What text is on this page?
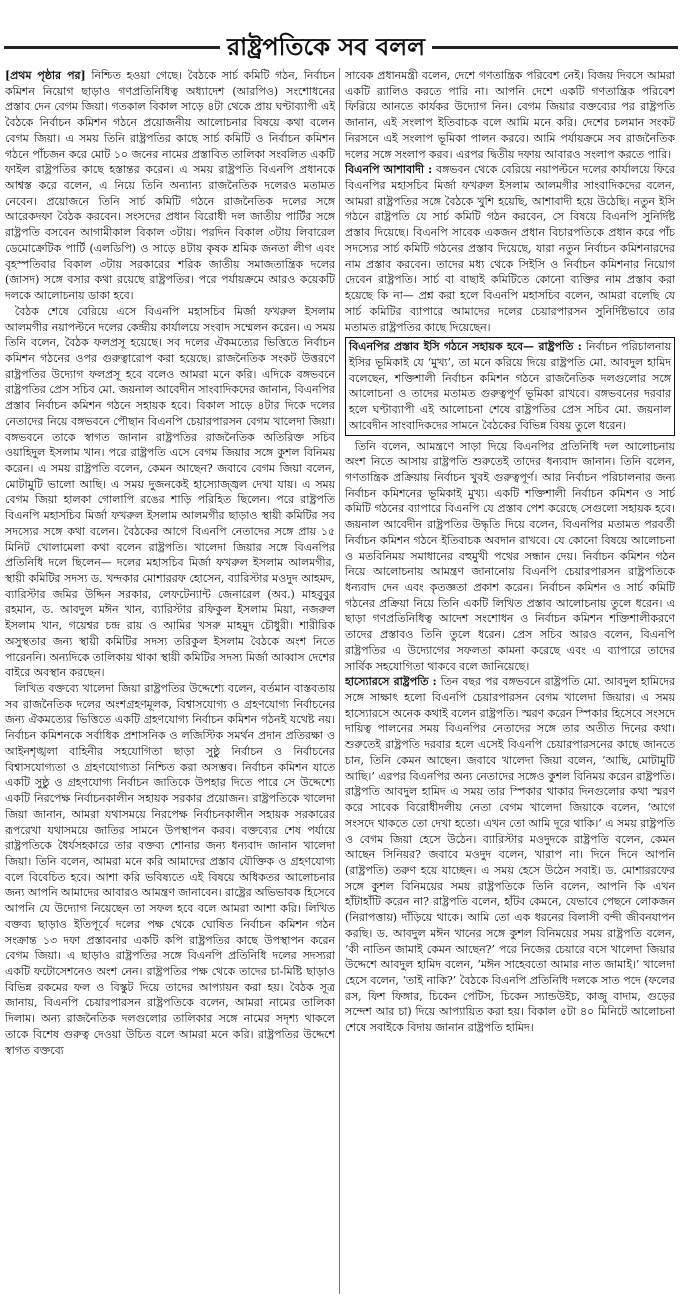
রাষ্ট্রপতিকে সব বলল

[প্রথম পৃষ্ঠার পর] নিশ্চিত হওয়া গেছে। বৈঠকে সার্চ কমিটি গঠন, নির্বাচন কমিশন নিয়োগ ছাড়াও গণপ্রতিনিধিত্ব অধ্যাদেশ (আরপিও) সংশোধনের প্রস্তাব দেন বেগম জিয়া। গতকাল বিকাল সাড়ে ৪টা থেকে প্রায় ঘণ্টাব্যাপী এই বৈঠকে নির্বাচন কমিশন গঠনে প্রয়োজনীয় আলোচনার বিষয়ে কথা বলেন বেগম জিয়া। এ সময় তিনি রাষ্ট্রপতির কাছে সার্চ কমিটি ও নির্বাচন কমিশন গঠনে পাঁচজন করে মোট ১০ জনের নামের প্রস্তাবিত তালিকা সংবলিত একটি ফাইল রাষ্ট্রপতির কাছে হস্তান্তর করেন। এ সময় রাষ্ট্রপতি বিএনপি প্রধানকে আশ্বস্ত করে বলেন, এ নিয়ে তিনি অন্যান্য রাজনৈতিক দলেরও মতামত নেবেন। প্রয়োজনে তিনি সার্চ কমিটি গঠনে রাজনৈতিক দলের সঙ্গে আরেকদফা বৈঠক করবেন। সংসদের প্রধান বিরোধী দল জাতীয় পার্টির সঙ্গে রাষ্ট্রপতি বসবেন আগামীকাল বিকাল ৩টায়। পরদিন বিকাল ৩টায় লিবারেল ডেমোক্রেটিক পার্টি (এলডিপি) ও সাড়ে ৪টায় কৃষক শ্রমিক জনতা লীগ এবং বৃহস্পতিবার বিকাল ৩টায় সরকারের শরিক জাতীয় সমাজতান্ত্রিক দলের (জাসদ) সঙ্গে বসার কথা রয়েছে রাষ্ট্রপতির। পরে পর্যায়ক্রমে আরও কয়েকটি দলকে আলোচনায় ডাকা হবে।

বৈঠক শেষে বেরিয়ে এসে বিএনপি মহাসচিব মির্জা ফখরুল ইসলাম আলমগীর নয়াপল্টনে দলের কেন্দ্রীয় কার্যালয়ে সংবাদ সম্মেলন করেন। এ সময় তিনি বলেন, বৈঠক ফলপ্রসূ হয়েছে। সব দলের ঐকমত্যের ভিত্তিতে নির্বাচন কমিশন গঠনের ওপর গুরুত্বারোপ করা হয়েছে। রাজনৈতিক সংকট উত্তরণে রাষ্ট্রপতির উদ্যোগ ফলপ্রসূ হবে বলেও আমরা মনে করি। এদিকে বঙ্গভবনে রাষ্ট্রপতির প্রেস সচিব মো. জয়নাল আবেদীন সাংবাদিকদের জানান, বিএনপির প্রস্তাব নির্বাচন কমিশন গঠনে সহায়ক হবে। বিকাল সাড়ে ৪টার দিকে দলের নেতাদের নিয়ে বঙ্গভবনে পৌছান বিএনপি চেয়ারপারসন বেগম খালেদা জিয়া। বঙ্গভবনে তাকে স্বাগত জানান রাষ্ট্রপতির রাজনৈতিক অতিরিক্ত সচিব ওয়াহিদুল ইসলাম খান। পরে রাষ্ট্রপতি এসে বেগম জিয়ার সঙ্গে কুশল বিনিময় করেন। এ সময় রাষ্ট্রপতি বলেন, কেমন আছেন? জবাবে বেগম জিয়া বলেন, মোটামুটি ভালো আছি। এ সময় দুজনকেই হাস্যোজ্জ্বল দেখা যায়। এ সময় বেগম জিয়া হালকা গোলাপি রঙের শাড়ি পরিহিত ছিলেন। পরে রাষ্ট্রপতি বিএনপি মহাসচিব মির্জা ফখরুল ইসলাম আলমগীর ছাড়াও স্থায়ী কমিটির সব সদস্যের সঙ্গে কথা বলেন। বৈঠকের আগে বিএনপি নেতাদের সঙ্গে প্রায় ১৫ মিনিট খোলামেলা কথা বলেন রাষ্ট্রপতি। খালেদা জিয়ার সঙ্গে বিএনপির প্রতিনিধি দলে ছিলেন— দলের মহাসচিব মির্জা ফখরুল ইসলাম আলমগীর, স্থায়ী কমিটির সদস্য ড. খন্দকার মোশাররফ হোসেন, ব্যারিস্টার মওদুদ আহমদ, ব্যারিস্টার জমির উদ্দিন সরকার, লেফটেন্যান্ট জেনারেল (অব.) মাহবুবুর রহমান, ড. আবদুল মঈন খান, ব্যারিস্টার রফিকুল ইসলাম মিয়া, নজরুল ইসলাম খান, গয়েশ্বর চন্দ্র রায় ও আমির খসরু মাহমুদ চৌধুরী। শারীরিক অসুস্থতার জন্য স্থায়ী কমিটির সদস্য তরিকুল ইসলাম বৈঠকে অংশ নিতে পারেননি। অন্যদিকে তালিকায় থাকা স্থায়ী কমিটির সদস্য মির্জা আব্বাস দেশের বাইরে অবস্থান করছেন।

লিখিত বক্তব্যে খালেদা জিয়া রাষ্ট্রপতির উদ্দেশ্যে বলেন, বর্তমান বাস্তবতায় সব রাজনৈতিক দলের অংশগ্রহণমূলক, বিশ্বাসযোগ্য ও গ্রহণযোগ্য নির্বাচনের জন্য ঐকমত্যের ভিত্তিতে একটি গ্রহণযোগ্য নির্বাচন কমিশন গঠনই যথেষ্ট নয়। নির্বাচন কমিশনকে সর্বাধিক প্রশাসনিক ও লজিস্টিক সমর্থন প্রদান প্রতিরক্ষা ও আইনশৃঙ্খলা বাহিনীর সহযোগিতা ছাড়া সুষ্ঠু নির্বাচন ও নির্বাচনের বিশ্বাসযোগ্যতা ও গ্রহণযোগ্যতা নিশ্চিত করা অসম্ভব। নির্বাচন কমিশন যাতে একটি সুষ্ঠু ও গ্রহণযোগ্য নির্বাচন জাতিকে উপহার দিতে পারে সে উদ্দেশ্যে একটি নিরপেক্ষ নির্বাচনকালীন সহায়ক সরকার প্রয়োজন। রাষ্ট্রপতিকে খালেদা জিয়া জানান, আমরা যথাসময়ে নিরপেক্ষ নির্বাচনকালীন সহায়ক সরকারের রূপরেখা যথাসময়ে জাতির সামনে উপস্থাপন করব। বক্তব্যের শেষ পর্যায়ে রাষ্ট্রপতিকে ধৈর্যসহকারে তার বক্তব্য শোনার জন্য ধন্যবাদ জানান খালেদা জিয়া। তিনি বলেন, আমরা মনে করি আমাদের প্রস্তাব যৌক্তিক ও গ্রহণযোগ্য বলে বিবেচিত হবে। আশা করি ভবিষ্যতে এই বিষয়ে অধিকতর আলোচনার জন্য আপনি আমাদের আবারও আমন্ত্রণ জানাবেন। রাষ্ট্রের অভিভাবক হিসেবে আপনি যে উদ্যোগ নিয়েছেন তা সফল হবে বলে আমরা আশা করি। লিখিত বক্তব্য ছাড়াও ইতিপূর্বে দলের পক্ষ থেকে ঘোষিত নির্বাচন কমিশন গঠন সংক্রান্ত ১৩ দফা প্রস্তাবনার একটি কপি রাষ্ট্রপতির কাছে উপস্থাপন করেন বেগম জিয়া। এ ছাড়াও রাষ্ট্রপতির সঙ্গে বিএনপি প্রতিনিধি দলের সদস্যরা একটি ফটোসেশনেও অংশ নেন। রাষ্ট্রপতির পক্ষ থেকে তাদের চা-মিষ্টি ছাড়াও বিভিন্ন রকমের ফল ও বিস্কুট দিয়ে তাদের আপ্যায়ন করা হয়। বৈঠক সূত্র জানায়, বিএনপি চেয়ারপারসন রাষ্ট্রপতিকে বলেন, আমরা নামের তালিকা দিলাম। অন্য রাজনৈতিক দলগুলোর তালিকার সঙ্গে নামের সদৃশ্য থাকলে তাকে বিশেষ গুরুত্ব দেওয়া উচিত বলে আমরা মনে করি। রাষ্ট্রপতির উদ্দেশে স্বাগত বক্তব্যে

সাবেক প্রধানমন্ত্রী বলেন, দেশে গণতান্ত্রিক পরিবেশ নেই। বিজয় দিবসে আমরা একটি র‌্যালিও করতে পারি না। আপনি দেশে একটি গণতান্ত্রিক পরিবেশ ফিরিয়ে আনতে কার্যকর উদ্যোগ নিন। বেগম জিয়ার বক্তব্যের পর রাষ্ট্রপতি জানান, এই সংলাপ ইতিবাচক বলে আমি মনে করি। দেশের চলমান সংকট নিরসনে এই সংলাপ ভূমিকা পালন করবে। আমি পর্যায়ক্রমে সব রাজনৈতিক দলের সঙ্গে সংলাপ করব। এরপর দ্বিতীয় দফায় আবারও সংলাপ করতে পারি।

বিএনপি আশাবাদী : বঙ্গভবন থেকে বেরিয়ে নয়াপল্টনে দলের কার্যালয়ে ফিরে বিএনপির মহাসচিব মির্জা ফখরুল ইসলাম আলমগীর সাংবাদিকদের বলেন, আমরা রাষ্ট্রপতির সঙ্গে বৈঠকে খুশি হয়েছি, আশাবাদী হয়ে উঠেছি। নতুন ইসি গঠনে রাষ্ট্রপতি যে সার্চ কমিটি গঠন করবেন, সে বিষয়ে বিএনপি সুনির্দিষ্ট প্রস্তাব দিয়েছে। বিএনপি সাবেক একজন প্রধান বিচারপতিকে প্রধান করে পাঁচ সদস্যের সার্চ কমিটি গঠনের প্রস্তাব দিয়েছে, যারা নতুন নির্বাচন কমিশনারদের নাম প্রস্তাব করবেন। তাদের মধ্য থেকে সিইসি ও নির্বাচন কমিশনার নিয়োগ দেবেন রাষ্ট্রপতি। সার্চ বা বাছাই কমিটিতে কোনো ব্যক্তির নাম প্রস্তাব করা হয়েছে কি না— প্রশ্ন করা হলে বিএনপি মহাসচিব বলেন, আমরা বলেছি যে সার্চ কমিটির ব্যাপারে আমাদের দলের চেয়ারপারসন সুনির্দিষ্টভাবে তার মতামত রাষ্ট্রপতির কাছে দিয়েছেন।

বিএনপির প্রস্তাব ইসি গঠনে সহায়ক হবে— রাষ্ট্রপতি : নির্বাচন পরিচালনায় ইসির ভূমিকাই যে ‘মুখ্য’, তা মনে করিয়ে দিয়ে রাষ্ট্রপতি মো. আবদুল হামিদ বলেছেন, শক্তিশালী নির্বাচন কমিশন গঠনে রাজনৈতিক দলগুলোর সঙ্গে আলোচনা ও তাদের মতামত গুরুত্বপূর্ণ ভূমিকা রাখবে। বঙ্গভবনের দরবার হলে ঘণ্টাব্যাপী এই আলোচনা শেষে রাষ্ট্রপতির প্রেস সচিব মো. জয়নাল আবেদীন সাংবাদিকদের সামনে বৈঠকের বিভিন্ন বিষয় তুলে ধরেন।

তিনি বলেন, আমন্ত্রণে সাড়া দিয়ে বিএনপির প্রতিনিধি দল আলোচনায় অংশ নিতে আসায় রাষ্ট্রপতি শুরুতেই তাদের ধন্যবাদ জানান। তিনি বলেন, গণতান্ত্রিক প্রক্রিয়ায় নির্বাচন খুবই গুরুত্বপূর্ণ। আর নির্বাচন পরিচালনার জন্য নির্বাচন কমিশনের ভূমিকাই মুখ্য। একটি শক্তিশালী নির্বাচন কমিশন ও সার্চ কমিটি গঠনের ব্যাপারে বিএনপি যে প্রস্তাব পেশ করেছে সেগুলো সহায়ক হবে। জয়নাল আবেদীন রাষ্ট্রপতির উদ্ধৃতি দিয়ে বলেন, বিএনপির মতামত পরবর্তী নির্বাচন কমিশন গঠনে ইতিবাচক অবদান রাখবে। যে কোনো বিষয়ে আলোচনা ও মতবিনিময় সমাধানের বহুমুখী পথের সন্ধান দেয়। নির্বাচন কমিশন গঠন নিয়ে আলোচনায় আমন্ত্রণ জানানোয় বিএনপি চেয়ারপারসন রাষ্ট্রপতিকে ধন্যবাদ দেন এবং কৃতজ্ঞতা প্রকাশ করেন। নির্বাচন কমিশন ও সার্চ কমিটি গঠনের প্রক্রিয়া নিয়ে তিনি একটি লিখিত প্রস্তাব আলোচনায় তুলে ধরেন। এ ছাড়া গণপ্রতিনিধিত্ব আদেশ সংশোধন ও নির্বাচন কমিশন শক্তিশালীকরণে তাদের প্রস্তাবও তিনি তুলে ধরেন। প্রেস সচিব আরও বলেন, বিএনপি রাষ্ট্রপতির এ উদ্যোগের সফলতা কামনা করেছে এবং এ ব্যাপারে তাদের সার্বিক সহযোগিতা থাকবে বলে জানিয়েছে।

হাস্যোরসে রাষ্ট্রপতি : তিন বছর পর বঙ্গভবনে রাষ্ট্রপতি মো. আবদুল হামিদের সঙ্গে সাক্ষাৎ হলো বিএনপি চেয়ারপারসন বেগম খালেদা জিয়ার। এ সময় হাস্যোরসে অনেক কথাই বলেন রাষ্ট্রপতি। স্মরণ করেন স্পিকার হিসেবে সংসদে দায়িত্ব পালনের সময় বিএনপির নেতাদের সঙ্গে তার অতীত দিনের কথা। শুরুতেই রাষ্ট্রপতি দরবার হলে এসেই বিএনপি চেয়ারপারসনের কাছে জানতে চান, তিনি কেমন আছেন। জবাবে খালেদা জিয়া বলেন, ‘আছি, মোটামুটি আছি।’ এরপর বিএনপির অন্য নেতাদের সঙ্গেও কুশল বিনিময় করেন রাষ্ট্রপতি। রাষ্ট্রপতি আবদুল হামিদ এ সময় তার স্পিকার থাকার দিনগুলোর কথা স্মরণ করে সাবেক বিরোধীদলীয় নেতা বেগম খালেদা জিয়াকে বলেন, ‘আগে সংসদে থাকতে তো দেখা হতো। এখন তো আমি দূরে থাকি।’ এ সময় রাষ্ট্রপতি ও বেগম জিয়া হেসে উঠেন। ব্যারিস্টার মওদুদকে রাষ্ট্রপতি বলেন, কেমন আছেন সিনিয়র? জবাবে মওদুদ বলেন, খারাপ না। দিনে দিনে আপনি (রাষ্ট্রপতি) তরুণ হয়ে যাচ্ছেন। এ সময় হেসে উঠেন সবাই। ড. মোশাররফের সঙ্গে কুশল বিনিময়ের সময় রাষ্ট্রপতিকে তিনি বলেন, আপনি কি এখন হাঁটাহাঁটি করেন না? রাষ্ট্রপতি বলেন, হাঁটব কেমনে, যেভাবে পেছনে লোকজন (নিরাপত্তায়) দাঁড়িয়ে থাকে। আমি তো এক ধরনের বিলাসী বন্দী জীবনযাপন করছি। ড. আবদুল মঈন খানের সঙ্গে কুশল বিনিময়ের সময় রাষ্ট্রপতি বলেন, ‘কী নাতিন জামাই কেমন আছেন?’ পরে নিজের চেয়ারে বসে খালেদা জিয়ার উদ্দেশে আবদুল হামিদ বলেন, ‘মঈন সাহেবতো আমার নাত জামাই।’ খালেদা হেসে বলেন, ‘তাই নাকি?’ বৈঠকে বিএনপি প্রতিনিধি দলকে সাত পদে (ফলের রস, ফিশ ফিঙ্গার, চিকেন পেটিস, চিকেন স্যান্ডউইচ, কাজু বাদাম, গুড়ের সন্দেশ আর চা) দিয়ে আপ্যায়িত করা হয়। বিকাল ৫টা ৪০ মিনিটে আলোচনা শেষে সবাইকে বিদায় জানান রাষ্ট্রপতি হামিদ।
